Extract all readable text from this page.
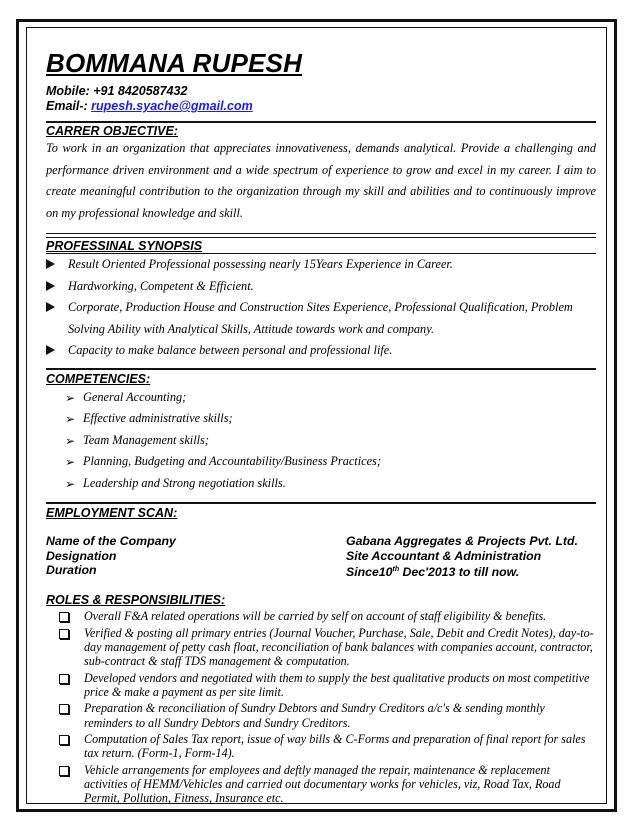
BOMMANA RUPESH
Mobile: +91 8420587432
Email-: rupesh.syache@gmail.com
CARRER OBJECTIVE:
To work in an organization that appreciates innovativeness, demands analytical. Provide a challenging and performance driven environment and a wide spectrum of experience to grow and excel in my career. I aim to create meaningful contribution to the organization through my skill and abilities and to continuously improve on my professional knowledge and skill.
PROFESSINAL SYNOPSIS
Result Oriented Professional possessing nearly 15Years Experience in Career.
Hardworking, Competent & Efficient.
Corporate, Production House and Construction Sites Experience, Professional Qualification, Problem Solving Ability with Analytical Skills, Attitude towards work and company.
Capacity to make balance between personal and professional life.
COMPETENCIES:
➢ General Accounting;
➢ Effective administrative skills;
➢ Team Management skills;
➢ Planning, Budgeting and Accountability/Business Practices;
➢ Leadership and Strong negotiation skills.
EMPLOYMENT SCAN:
Name of the Company	Gabana Aggregates & Projects Pvt. Ltd.
Designation	Site Accountant & Administration
Duration	Since10th Dec'2013 to till now.
ROLES & RESPONSIBILITIES:
Overall F&A related operations will be carried by self on account of staff eligibility & benefits.
Verified & posting all primary entries (Journal Voucher, Purchase, Sale, Debit and Credit Notes), day-to-day management of petty cash float, reconciliation of bank balances with companies account, contractor, sub-contract & staff TDS management & computation.
Developed vendors and negotiated with them to supply the best qualitative products on most competitive price & make a payment as per site limit.
Preparation & reconciliation of Sundry Debtors and Sundry Creditors a/c's & sending monthly reminders to all Sundry Debtors and Sundry Creditors.
Computation of Sales Tax report, issue of way bills & C-Forms and preparation of final report for sales tax return. (Form-1, Form-14).
Vehicle arrangements for employees and deftly managed the repair, maintenance & replacement activities of HEMM/Vehicles and carried out documentary works for vehicles, viz, Road Tax, Road Permit, Pollution, Fitness, Insurance etc.
